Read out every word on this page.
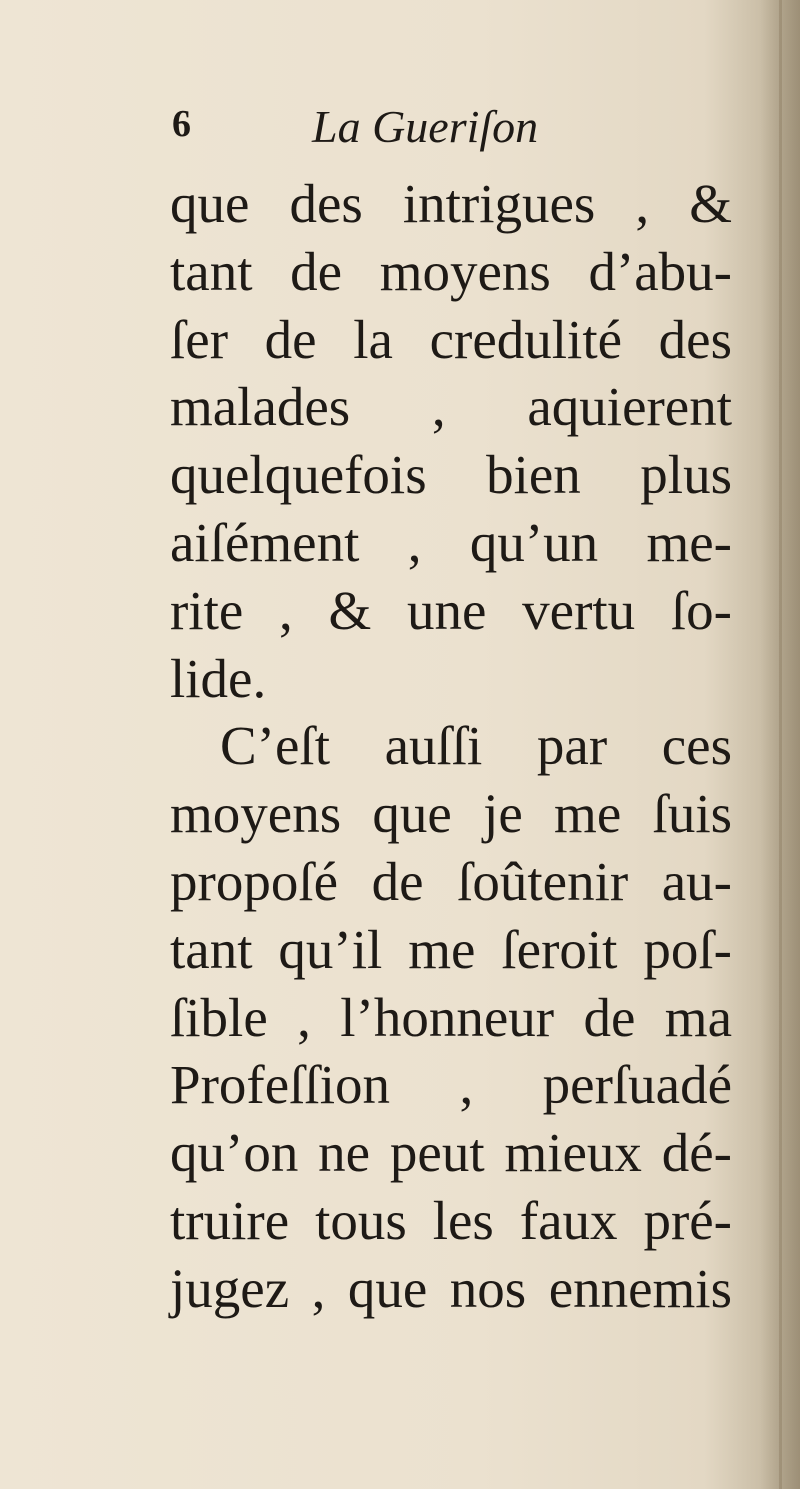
6	La Gueriſon
que des intrigues , &
tant de moyens d’abu-
ſer de la credulité des
malades , aquierent
quelquefois bien plus
aiſément , qu’un me-
rite , & une vertu ſo-
lide.
C’eſt auſſi par ces
moyens que je me ſuis
propoſé de ſoûtenir au-
tant qu’il me ſeroit poſ-
ſible , l’honneur de ma
Profeſſion , perſuadé
qu’on ne peut mieux dé-
truire tous les faux pré-
jugez , que nos ennemis
